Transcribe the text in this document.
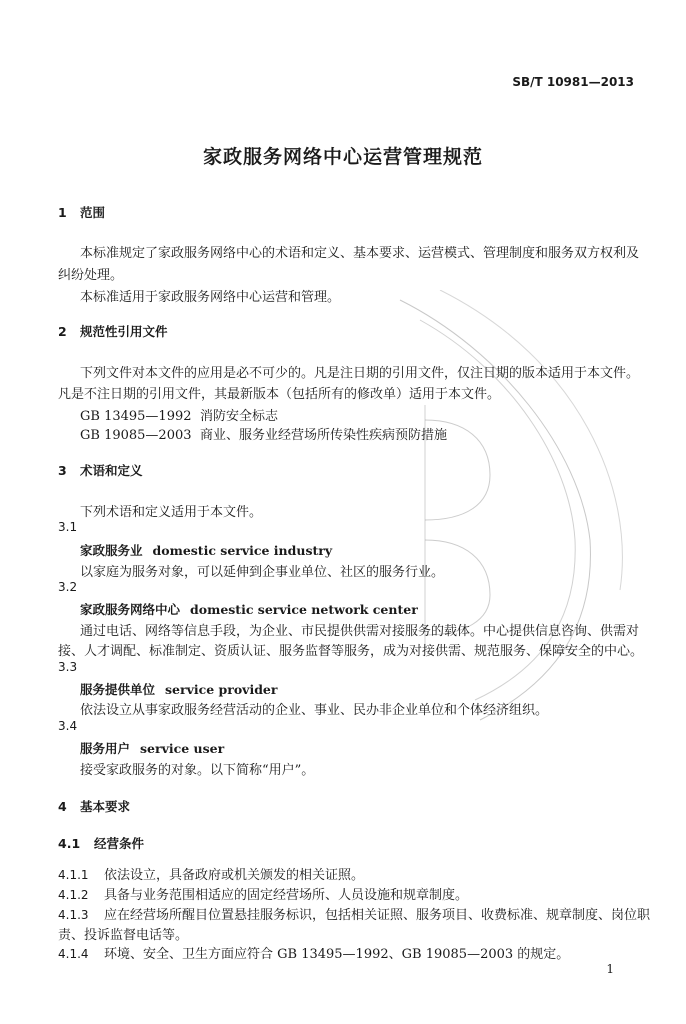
SB/T 10981—2013
家政服务网络中心运营管理规范
1 范围
本标准规定了家政服务网络中心的术语和定义、基本要求、运营模式、管理制度和服务双方权利及
纠纷处理。
本标准适用于家政服务网络中心运营和管理。
2 规范性引用文件
下列文件对本文件的应用是必不可少的。凡是注日期的引用文件，仅注日期的版本适用于本文件。
凡是不注日期的引用文件，其最新版本（包括所有的修改单）适用于本文件。
GB 13495—1992 消防安全标志
GB 19085—2003 商业、服务业经营场所传染性疾病预防措施
3 术语和定义
下列术语和定义适用于本文件。
3.1
家政服务业 domestic service industry
以家庭为服务对象，可以延伸到企事业单位、社区的服务行业。
3.2
家政服务网络中心 domestic service network center
通过电话、网络等信息手段，为企业、市民提供供需对接服务的载体。中心提供信息咨询、供需对
接、人才调配、标准制定、资质认证、服务监督等服务，成为对接供需、规范服务、保障安全的中心。
3.3
服务提供单位 service provider
依法设立从事家政服务经营活动的企业、事业、民办非企业单位和个体经济组织。
3.4
服务用户 service user
接受家政服务的对象。以下简称“用户”。
4 基本要求
4.1 经营条件
4.1.1 依法设立，具备政府或机关颁发的相关证照。
4.1.2 具备与业务范围相适应的固定经营场所、人员设施和规章制度。
4.1.3 应在经营场所醒目位置悬挂服务标识，包括相关证照、服务项目、收费标准、规章制度、岗位职
责、投诉监督电话等。
4.1.4 环境、安全、卫生方面应符合 GB 13495—1992、GB 19085—2003 的规定。
1
